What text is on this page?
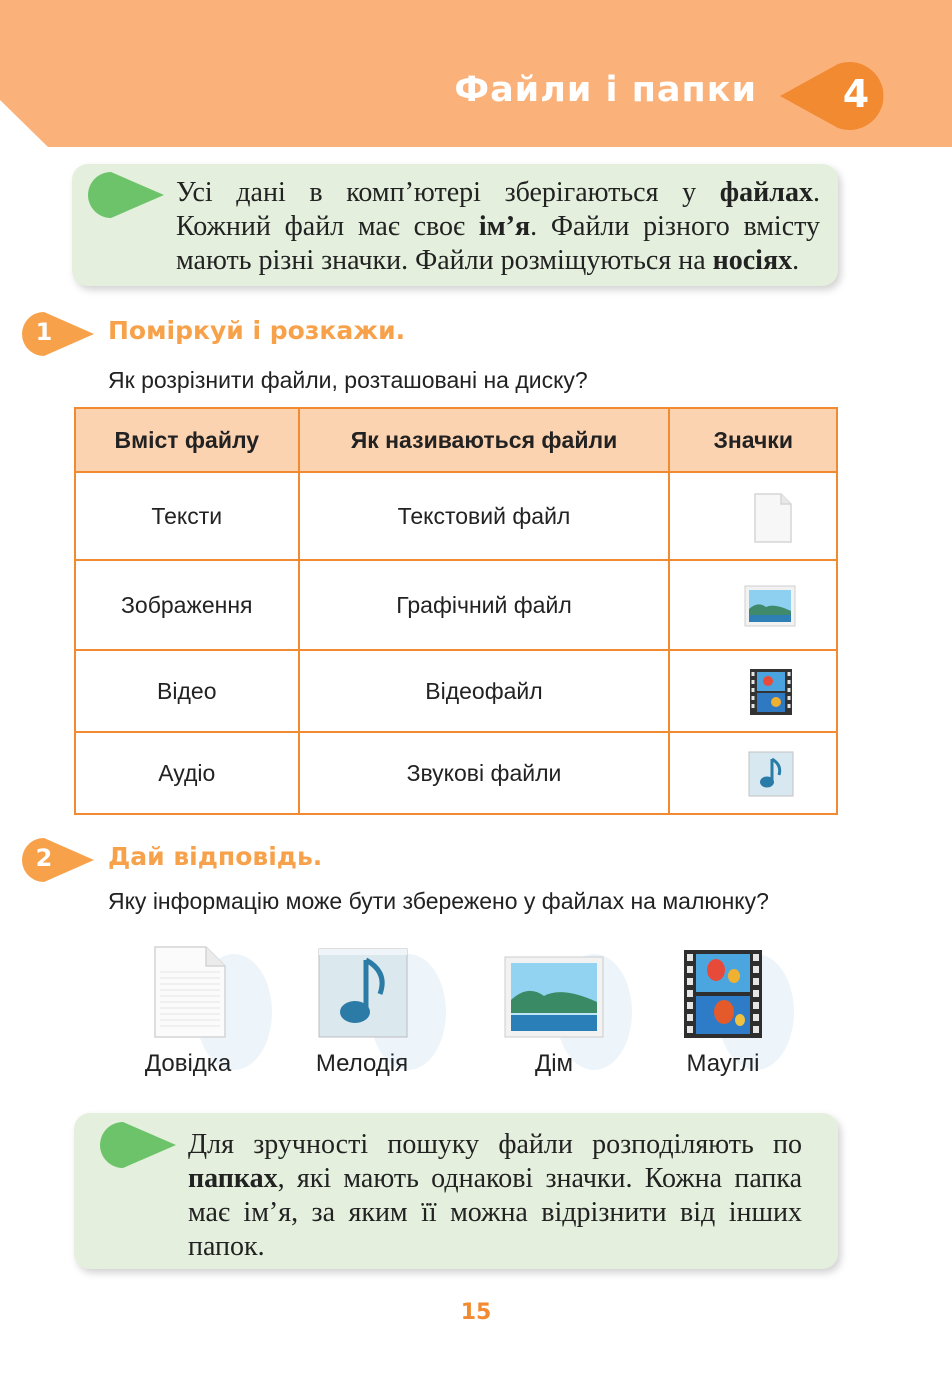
Файли і папки	4
Усі дані в комп’ютері зберігаються у файлах. Кожний файл має своє ім’я. Файли різного вмісту мають різні значки. Файли розміщуються на носіях.
1	Поміркуй і розкажи.
Як розрізнити файли, розташовані на диску?
Вміст файлу	Як називаються файли	Значки
Тексти	Текстовий файл	

Зображення	Графічний файл	

Відео	Відеофайл	

Аудіо	Звукові файли	
2	Дай відповідь.
Яку інформацію може бути збережено у файлах на малюнку?
Довідка	Мелодія	Дім	Мауглі
Для зручності пошуку файли розподіляють по папках, які мають однакові значки. Кожна папка має ім’я, за яким її можна відрізнити від інших папок.
15
